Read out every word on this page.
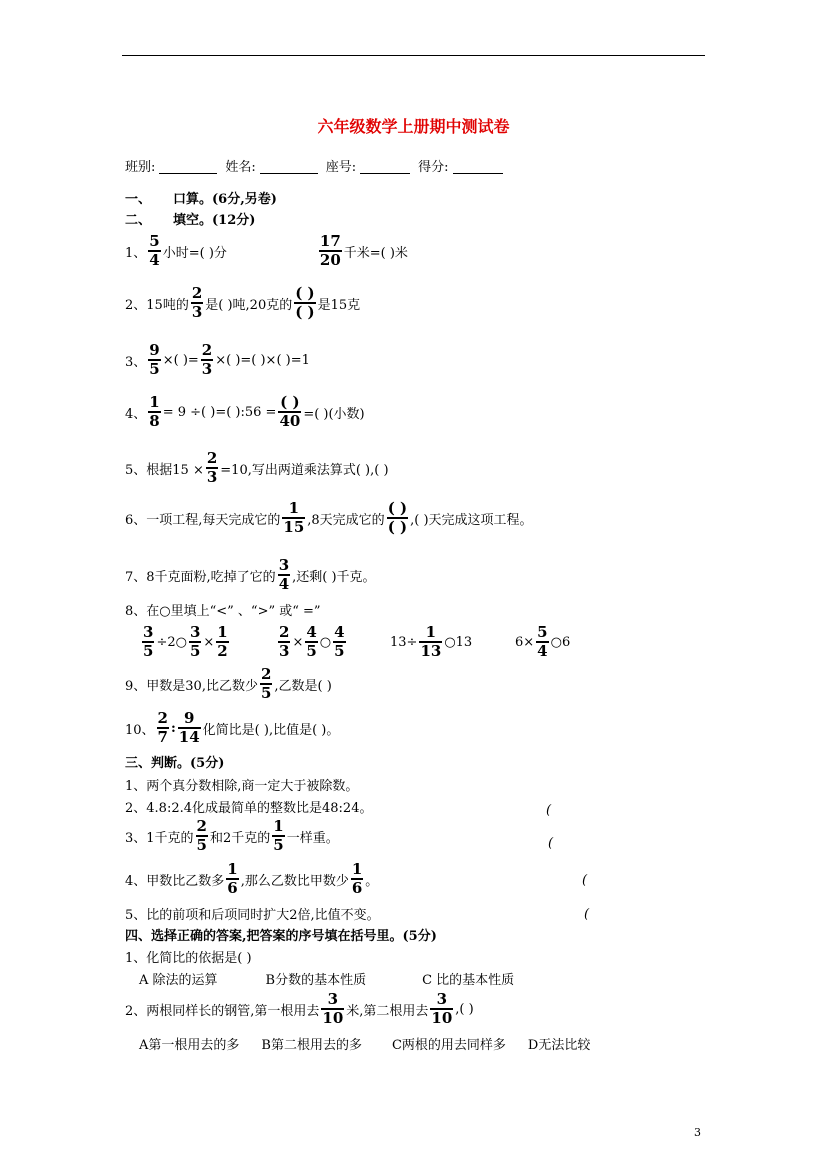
六年级数学上册期中测试卷
班别:
	姓名:
	座号:
	得分:

一、 口算。(6分,另卷)
二、 填空。(12分)
1、 $\frac{5}{4}$ 小时=( )分	$\frac{17}{20}$ 千米=( )米
2、15吨的 $\frac{2}{3}$ 是( )吨,20克的 $\frac{( )}{( )}$ 是15克
3、 $\frac{9}{5}$ ×( )= $\frac{2}{3}$ ×( )=( )×( )=1
4、 $\frac{1}{8} = 9$ ÷( )=( ):56 = $\frac{( )}{40}$ =( )(小数)
5、根据$15 \times \frac{2}{3} =10$,写出两道乘法算式( ),( )
6、一项工程,每天完成它的 $\frac{1}{15} ,8$天完成它的 $\frac{( )}{( )}$ ,( )天完成这项工程。
7、8千克面粉,吃掉了它的 $\frac{3}{4}$ ,还剩( )千克。
8、在○里填上“<” 、“>” 或“ =”
$\frac{3}{5}$ ÷2○ $\frac{3}{5} \times \frac{1}{2}$	$\frac{2}{3} \times \frac{4}{5}$ ○ $\frac{4}{5}$	$13\div \frac{1}{13}$ ○13	$6\times \frac{5}{4}$ ○6
9、甲数是30,比乙数少 $\frac{2}{5}$ ,乙数是( )
10、 $\frac{2}{7}$ : $\frac{9}{14}$ 化简比是( ),比值是( )。
三、判断。(5分)
1、两个真分数相除,商一定大于被除数。
2、4.8:2.4化成最简单的整数比是48:24。
3、1千克的 $\frac{2}{5}$ 和2千克的 $\frac{1}{5}$ 一样重。
4、甲数比乙数多 $\frac{1}{6}$ ,那么乙数比甲数少 $\frac{1}{6}$ 。
5、比的前项和后项同时扩大2倍,比值不变。
(
(
(
(
四、选择正确的答案,把答案的序号填在括号里。(5分)
1、化简比的依据是( )
A 除法的运算	B分数的基本性质	C 比的基本性质
2、两根同样长的钢管,第一根用去 $\frac{3}{10}$ 米,第二根用去 $\frac{3}{10}$ ,( )
A第一根用去的多 B第二根用去的多 C两根的用去同样多 D无法比较
3
